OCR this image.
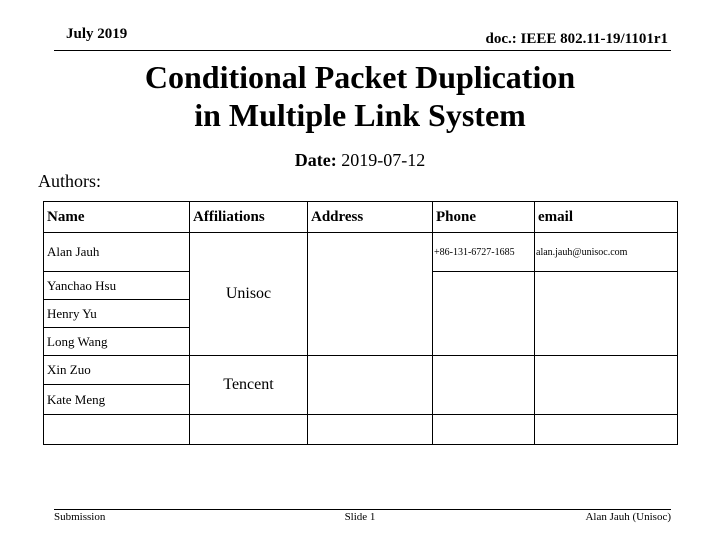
July 2019	doc.: IEEE 802.11-19/1101r1
Conditional Packet Duplication
in Multiple Link System
Date: 2019-07-12
Authors:
Name	Affiliations	Address	Phone	email
Alan Jauh	Unisoc		+86-131-6727-1685	alan.jauh@unisoc.com
Yanchao Hsu				
Henry Yu				
Long Wang				
Xin Zuo	Tencent			
Kate Meng				

Submission	Slide 1	Alan Jauh (Unisoc)
